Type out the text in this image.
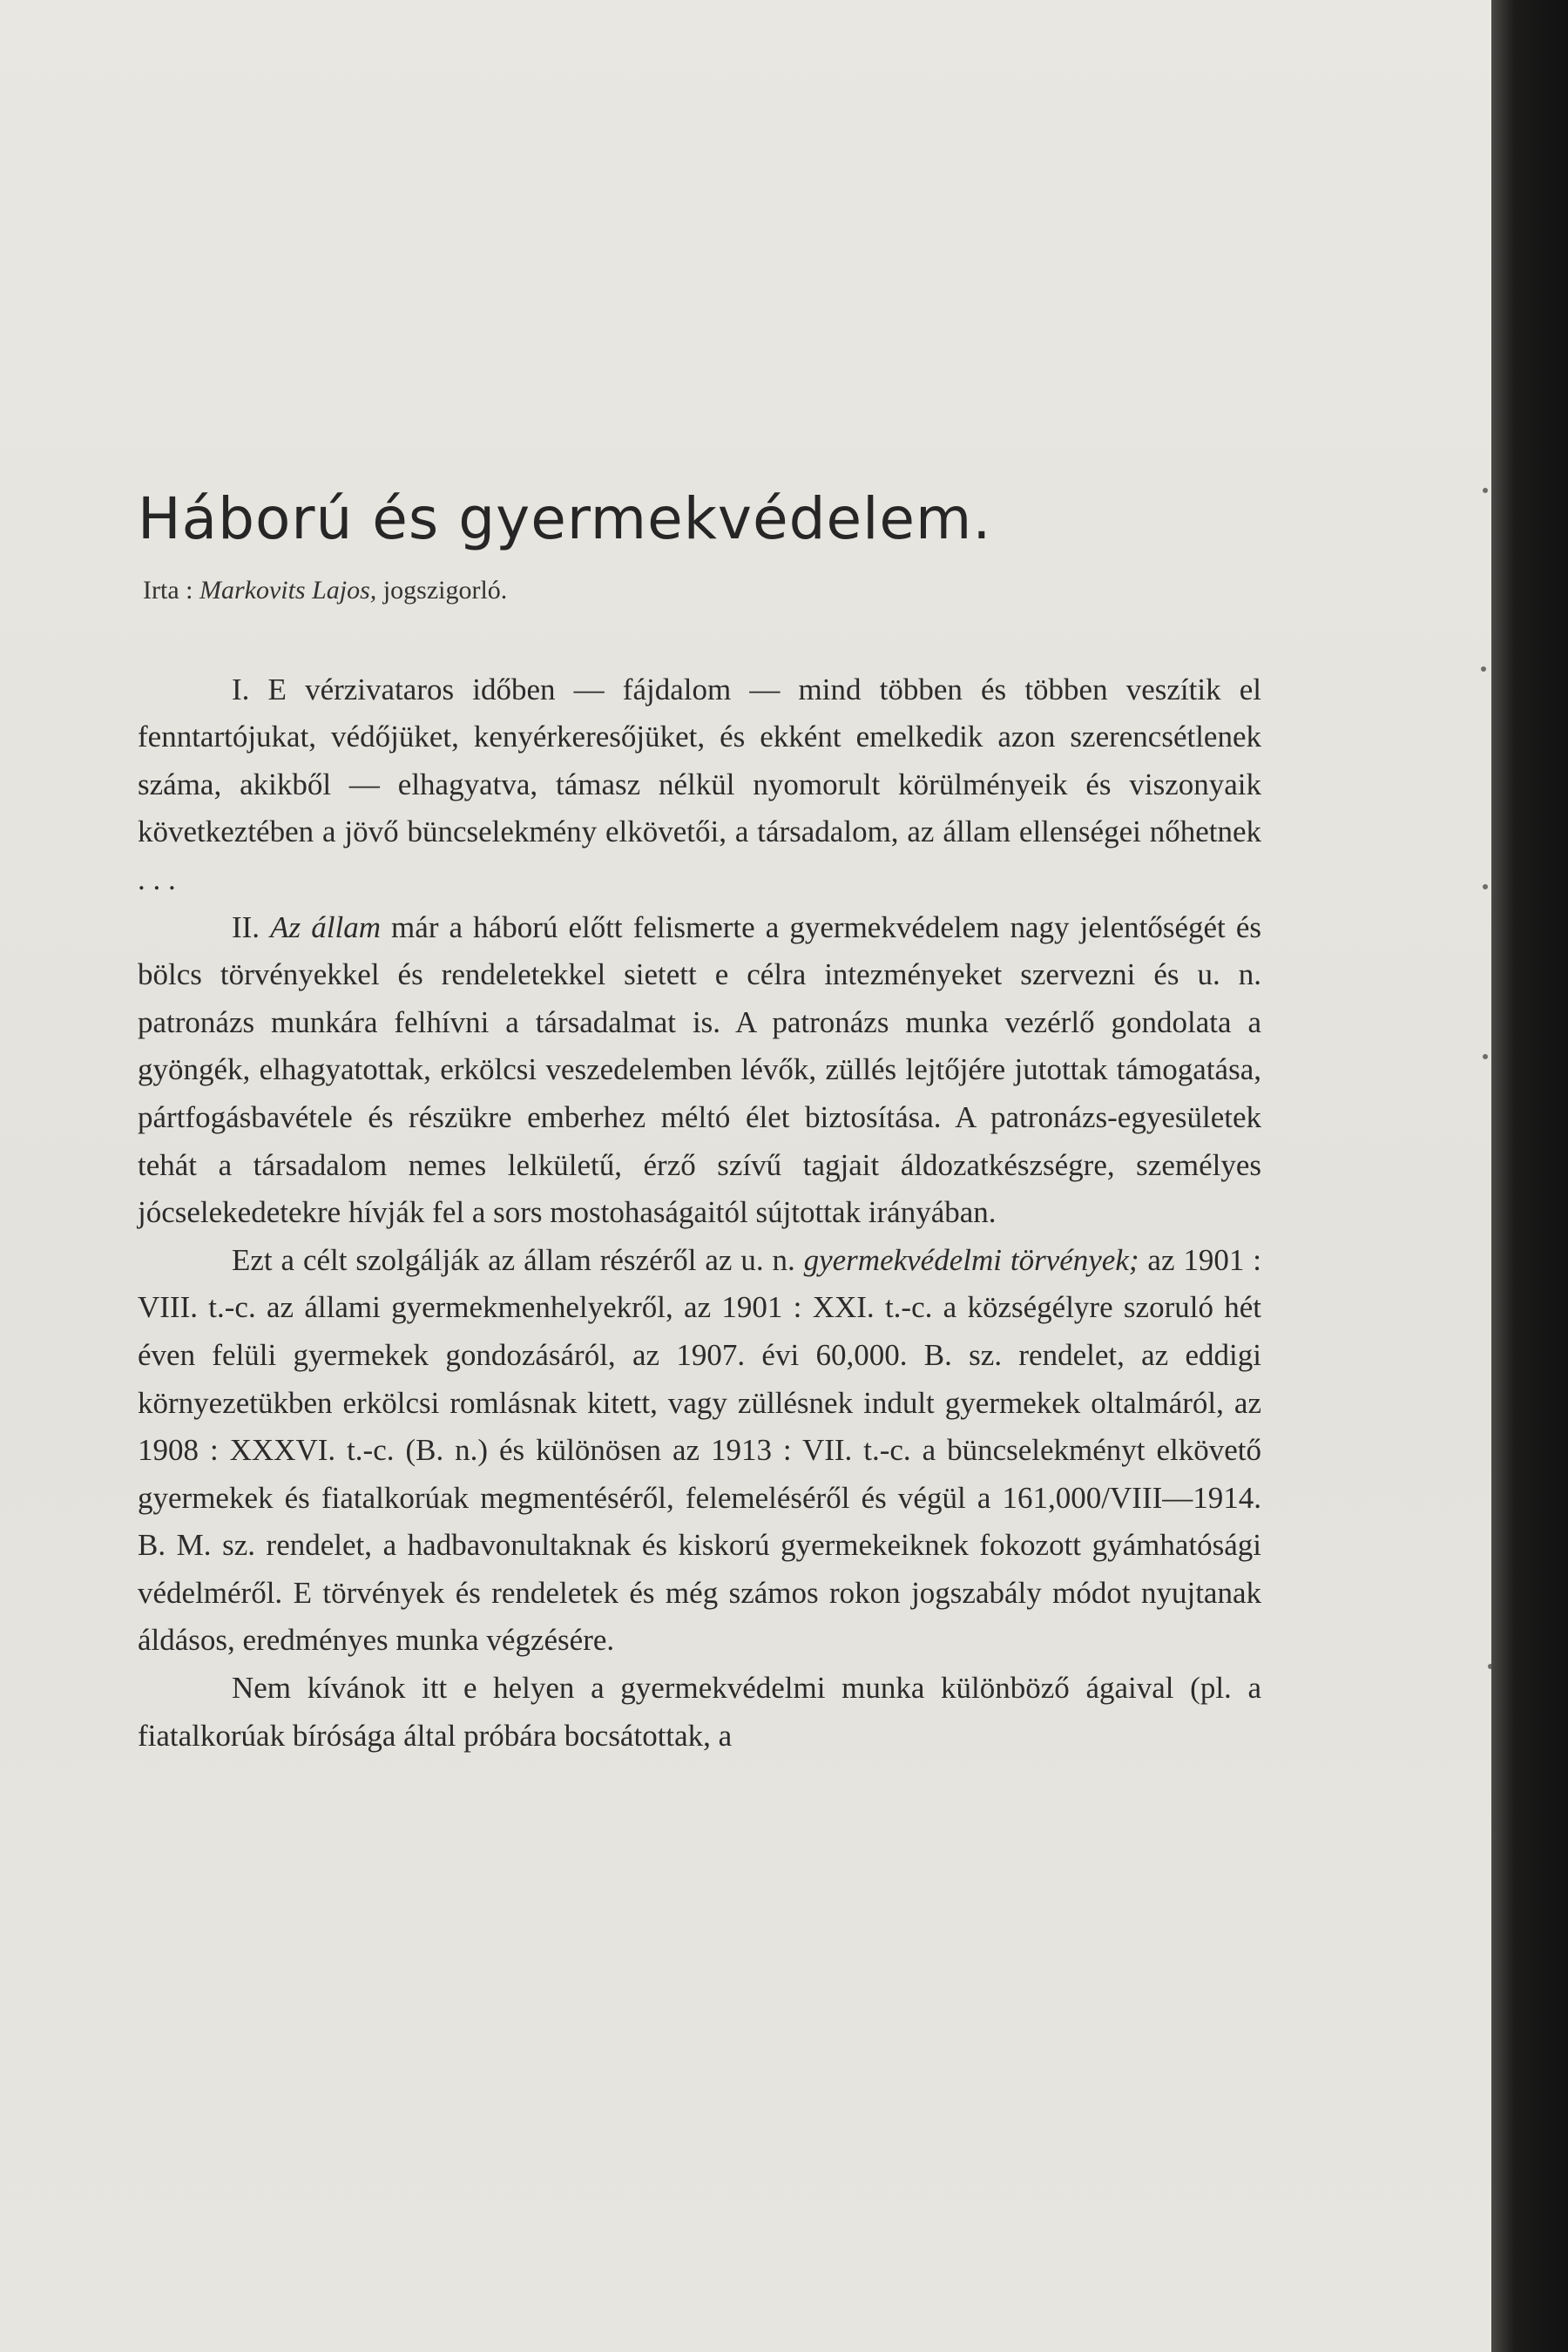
Háború és gyermekvédelem.
Irta : Markovits Lajos, jogszigorló.

I. E vérzivataros időben — fájdalom — mind többen és többen veszítik el fenntartójukat, védőjüket, kenyérkeresőjüket, és ekként emelkedik azon szerencsétlenek száma, akikből — elhagyatva, támasz nélkül nyomorult körülményeik és viszonyaik következtében a jövő büncselekmény elkövetői, a társadalom, az állam ellenségei nőhetnek . . .

II. Az állam már a háború előtt felismerte a gyermekvédelem nagy jelentőségét és bölcs törvényekkel és rendeletekkel sietett e célra intezményeket szervezni és u. n. patronázs munkára felhívni a társadalmat is. A patronázs munka vezérlő gondolata a gyöngék, elhagyatottak, erkölcsi veszedelemben lévők, züllés lejtőjére jutottak támogatása, pártfogásbavétele és részükre emberhez méltó élet biztosítása. A patronázs-egyesületek tehát a társadalom nemes lelkületű, érző szívű tagjait áldozatkészségre, személyes jócselekedetekre hívják fel a sors mostohaságaitól sújtottak irányában.

Ezt a célt szolgálják az állam részéről az u. n. gyermekvédelmi törvények; az 1901 : VIII. t.-c. az állami gyermekmenhelyekről, az 1901 : XXI. t.-c. a községélyre szoruló hét éven felüli gyermekek gondozásáról, az 1907. évi 60,000. B. sz. rendelet, az eddigi környezetükben erkölcsi romlásnak kitett, vagy züllésnek indult gyermekek oltalmáról, az 1908 : XXXVI. t.-c. (B. n.) és különösen az 1913 : VII. t.-c. a büncselekményt elkövető gyermekek és fiatalkorúak megmentéséről, felemeléséről és végül a 161,000/VIII—1914. B. M. sz. rendelet, a hadbavonultaknak és kiskorú gyermekeiknek fokozott gyámhatósági védelméről. E törvények és rendeletek és még számos rokon jogszabály módot nyujtanak áldásos, eredményes munka végzésére.

Nem kívánok itt e helyen a gyermekvédelmi munka különböző ágaival (pl. a fiatalkorúak bírósága által próbára bocsátottak, a
